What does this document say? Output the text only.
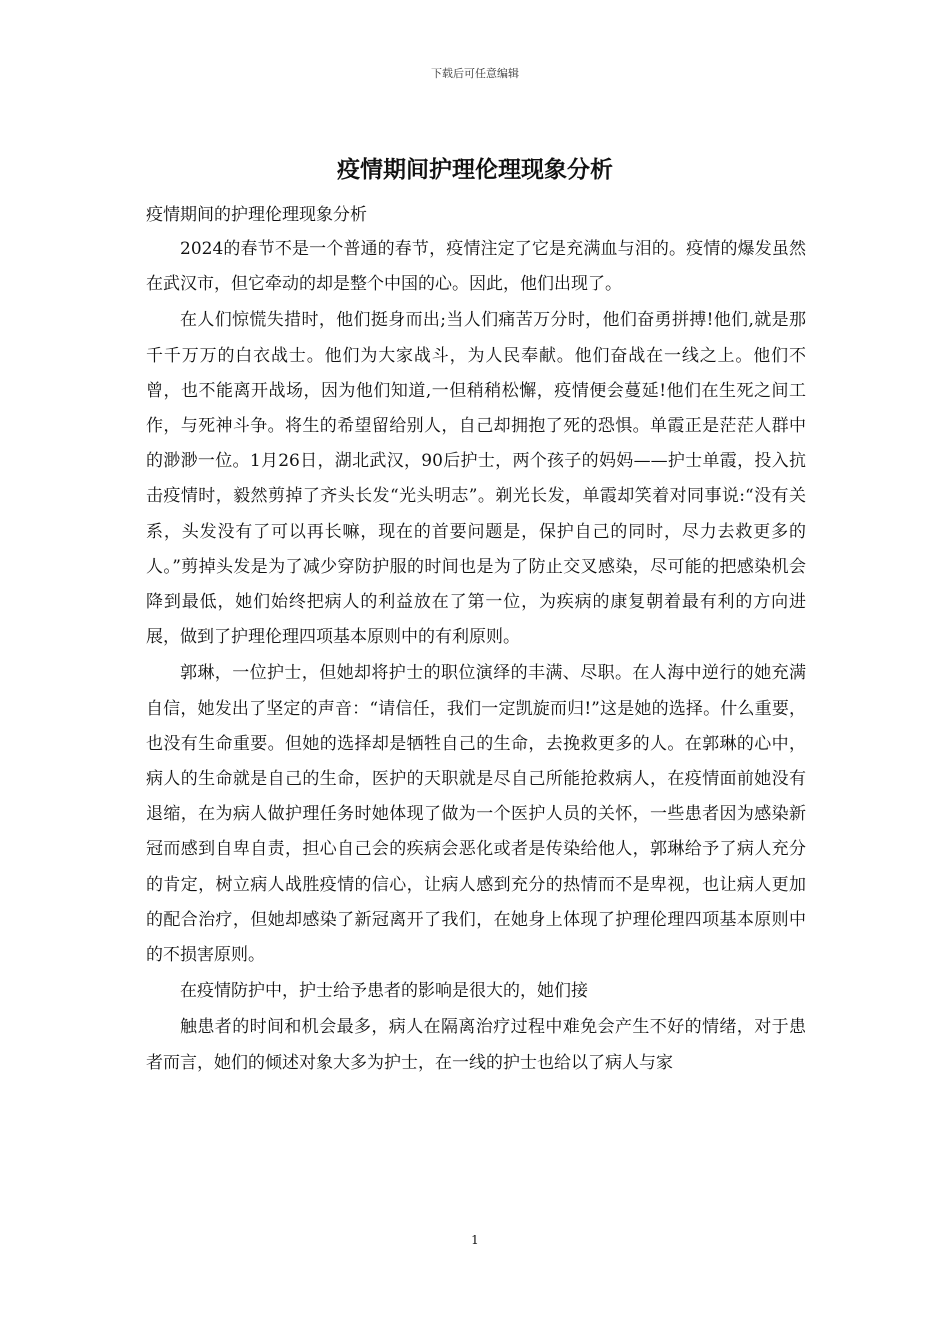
下载后可任意编辑
疫情期间护理伦理现象分析

疫情期间的护理伦理现象分析

2024的春节不是一个普通的春节，疫情注定了它是充满血与泪的。疫情的爆发虽然在武汉市，但它牵动的却是整个中国的心。因此，他们出现了。

在人们惊慌失措时，他们挺身而出;当人们痛苦万分时，他们奋勇拼搏!他们,就是那千千万万的白衣战士。他们为大家战斗，为人民奉献。他们奋战在一线之上。他们不曾，也不能离开战场，因为他们知道,一但稍稍松懈，疫情便会蔓延!他们在生死之间工作，与死神斗争。将生的希望留给别人，自己却拥抱了死的恐惧。单霞正是茫茫人群中的渺渺一位。1月26日，湖北武汉，90后护士，两个孩子的妈妈——护士单霞，投入抗击疫情时，毅然剪掉了齐头长发“光头明志”。剃光长发，单霞却笑着对同事说:“没有关系，头发没有了可以再长嘛，现在的首要问题是，保护自己的同时，尽力去救更多的人。”剪掉头发是为了减少穿防护服的时间也是为了防止交叉感染，尽可能的把感染机会降到最低，她们始终把病人的利益放在了第一位，为疾病的康复朝着最有利的方向进展，做到了护理伦理四项基本原则中的有利原则。

郭琳，一位护士，但她却将护士的职位演绎的丰满、尽职。在人海中逆行的她充满自信，她发出了坚定的声音：“请信任，我们一定凯旋而归!”这是她的选择。什么重要，也没有生命重要。但她的选择却是牺牲自己的生命，去挽救更多的人。在郭琳的心中，病人的生命就是自己的生命，医护的天职就是尽自己所能抢救病人，在疫情面前她没有退缩，在为病人做护理任务时她体现了做为一个医护人员的关怀，一些患者因为感染新冠而感到自卑自责，担心自己会的疾病会恶化或者是传染给他人，郭琳给予了病人充分的肯定，树立病人战胜疫情的信心，让病人感到充分的热情而不是卑视，也让病人更加的配合治疗，但她却感染了新冠离开了我们，在她身上体现了护理伦理四项基本原则中的不损害原则。

在疫情防护中，护士给予患者的影响是很大的，她们接

触患者的时间和机会最多，病人在隔离治疗过程中难免会产生不好的情绪，对于患者而言，她们的倾述对象大多为护士，在一线的护士也给以了病人与家

1
